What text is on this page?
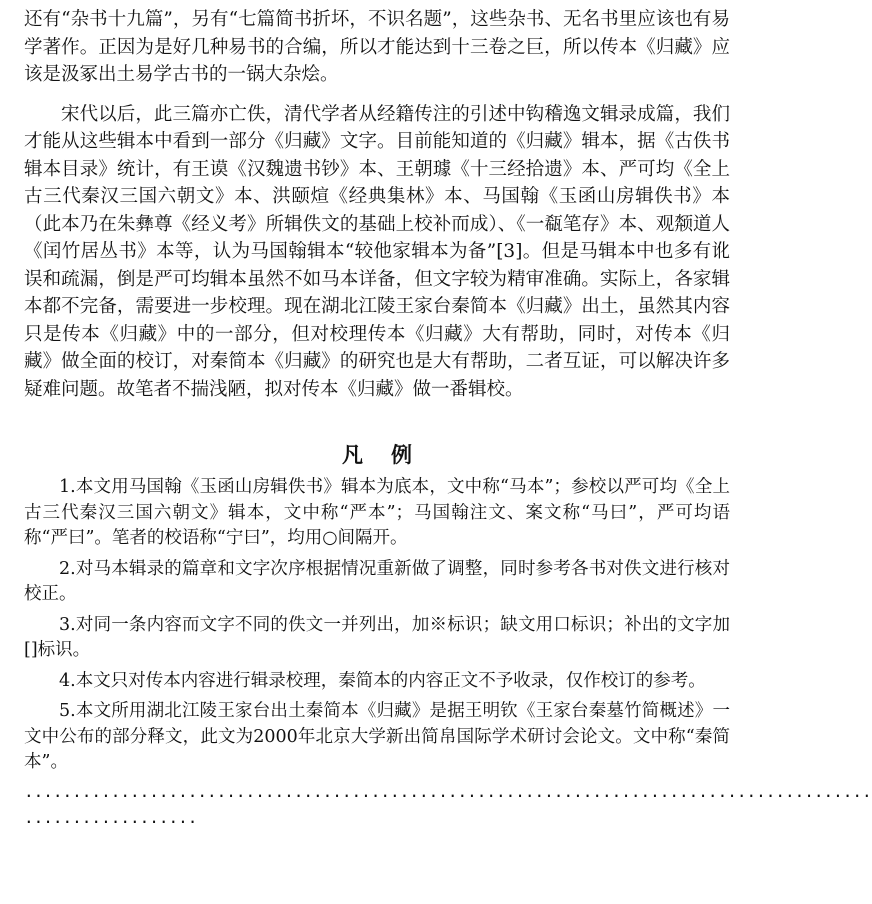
还有“杂书十九篇”，另有“七篇简书折坏，不识名题”，这些杂书、无名书里应该也有易学著作。正因为是好几种易书的合编，所以才能达到十三卷之巨，所以传本《归藏》应该是汲冢出土易学古书的一锅大杂烩。

宋代以后，此三篇亦亡佚，清代学者从经籍传注的引述中钩稽逸文辑录成篇，我们才能从这些辑本中看到一部分《归藏》文字。目前能知道的《归藏》辑本，据《古佚书辑本目录》统计，有王谟《汉魏遗书钞》本、王朝璩《十三经拾遗》本、严可均《全上古三代秦汉三国六朝文》本、洪颐煊《经典集林》本、马国翰《玉函山房辑佚书》本（此本乃在朱彝尊《经义考》所辑佚文的基础上校补而成）、《一瓻笔存》本、观颒道人《闰竹居丛书》本等，认为马国翰辑本“较他家辑本为备”[3]。但是马辑本中也多有讹误和疏漏，倒是严可均辑本虽然不如马本详备，但文字较为精审准确。实际上，各家辑本都不完备，需要进一步校理。现在湖北江陵王家台秦简本《归藏》出土，虽然其内容只是传本《归藏》中的一部分，但对校理传本《归藏》大有帮助，同时，对传本《归藏》做全面的校订，对秦简本《归藏》的研究也是大有帮助，二者互证，可以解决许多疑难问题。故笔者不揣浅陋，拟对传本《归藏》做一番辑校。

凡例

1.本文用马国翰《玉函山房辑佚书》辑本为底本，文中称“马本”；参校以严可均《全上古三代秦汉三国六朝文》辑本，文中称“严本”；马国翰注文、案文称“马曰”，严可均语称“严曰”。笔者的校语称“宁曰”，均用○间隔开。

2.对马本辑录的篇章和文字次序根据情况重新做了调整，同时参考各书对佚文进行核对校正。

3.对同一条内容而文字不同的佚文一并列出，加※标识；缺文用口标识；补出的文字加[]标识。

4.本文只对传本内容进行辑录校理，秦简本的内容正文不予收录，仅作校订的参考。

5.本文所用湖北江陵王家台出土秦简本《归藏》是据王明钦《王家台秦墓竹简概述》一文中公布的部分释文，此文为2000年北京大学新出简帛国际学术研讨会论文。文中称“秦简本”。

........................................................................................
..................
